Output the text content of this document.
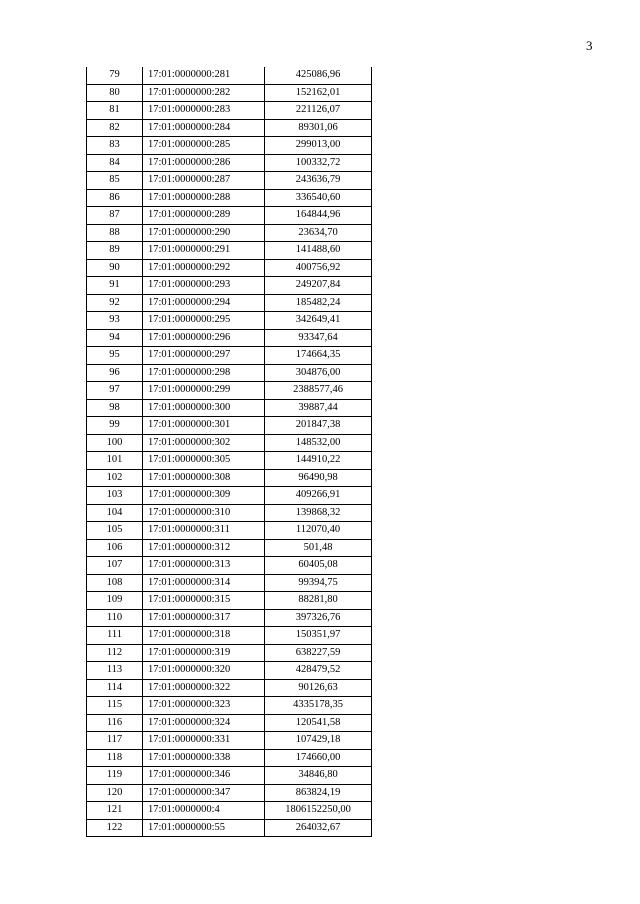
3
79	17:01:0000000:281	425086,96
80	17:01:0000000:282	152162,01
81	17:01:0000000:283	221126,07
82	17:01:0000000:284	89301,06
83	17:01:0000000:285	299013,00
84	17:01:0000000:286	100332,72
85	17:01:0000000:287	243636,79
86	17:01:0000000:288	336540,60
87	17:01:0000000:289	164844,96
88	17:01:0000000:290	23634,70
89	17:01:0000000:291	141488,60
90	17:01:0000000:292	400756,92
91	17:01:0000000:293	249207,84
92	17:01:0000000:294	185482,24
93	17:01:0000000:295	342649,41
94	17:01:0000000:296	93347,64
95	17:01:0000000:297	174664,35
96	17:01:0000000:298	304876,00
97	17:01:0000000:299	2388577,46
98	17:01:0000000:300	39887,44
99	17:01:0000000:301	201847,38
100	17:01:0000000:302	148532,00
101	17:01:0000000:305	144910,22
102	17:01:0000000:308	96490,98
103	17:01:0000000:309	409266,91
104	17:01:0000000:310	139868,32
105	17:01:0000000:311	112070,40
106	17:01:0000000:312	501,48
107	17:01:0000000:313	60405,08
108	17:01:0000000:314	99394,75
109	17:01:0000000:315	88281,80
110	17:01:0000000:317	397326,76
111	17:01:0000000:318	150351,97
112	17:01:0000000:319	638227,59
113	17:01:0000000:320	428479,52
114	17:01:0000000:322	90126,63
115	17:01:0000000:323	4335178,35
116	17:01:0000000:324	120541,58
117	17:01:0000000:331	107429,18
118	17:01:0000000:338	174660,00
119	17:01:0000000:346	34846,80
120	17:01:0000000:347	863824,19
121	17:01:0000000:4	1806152250,00
122	17:01:0000000:55	264032,67
